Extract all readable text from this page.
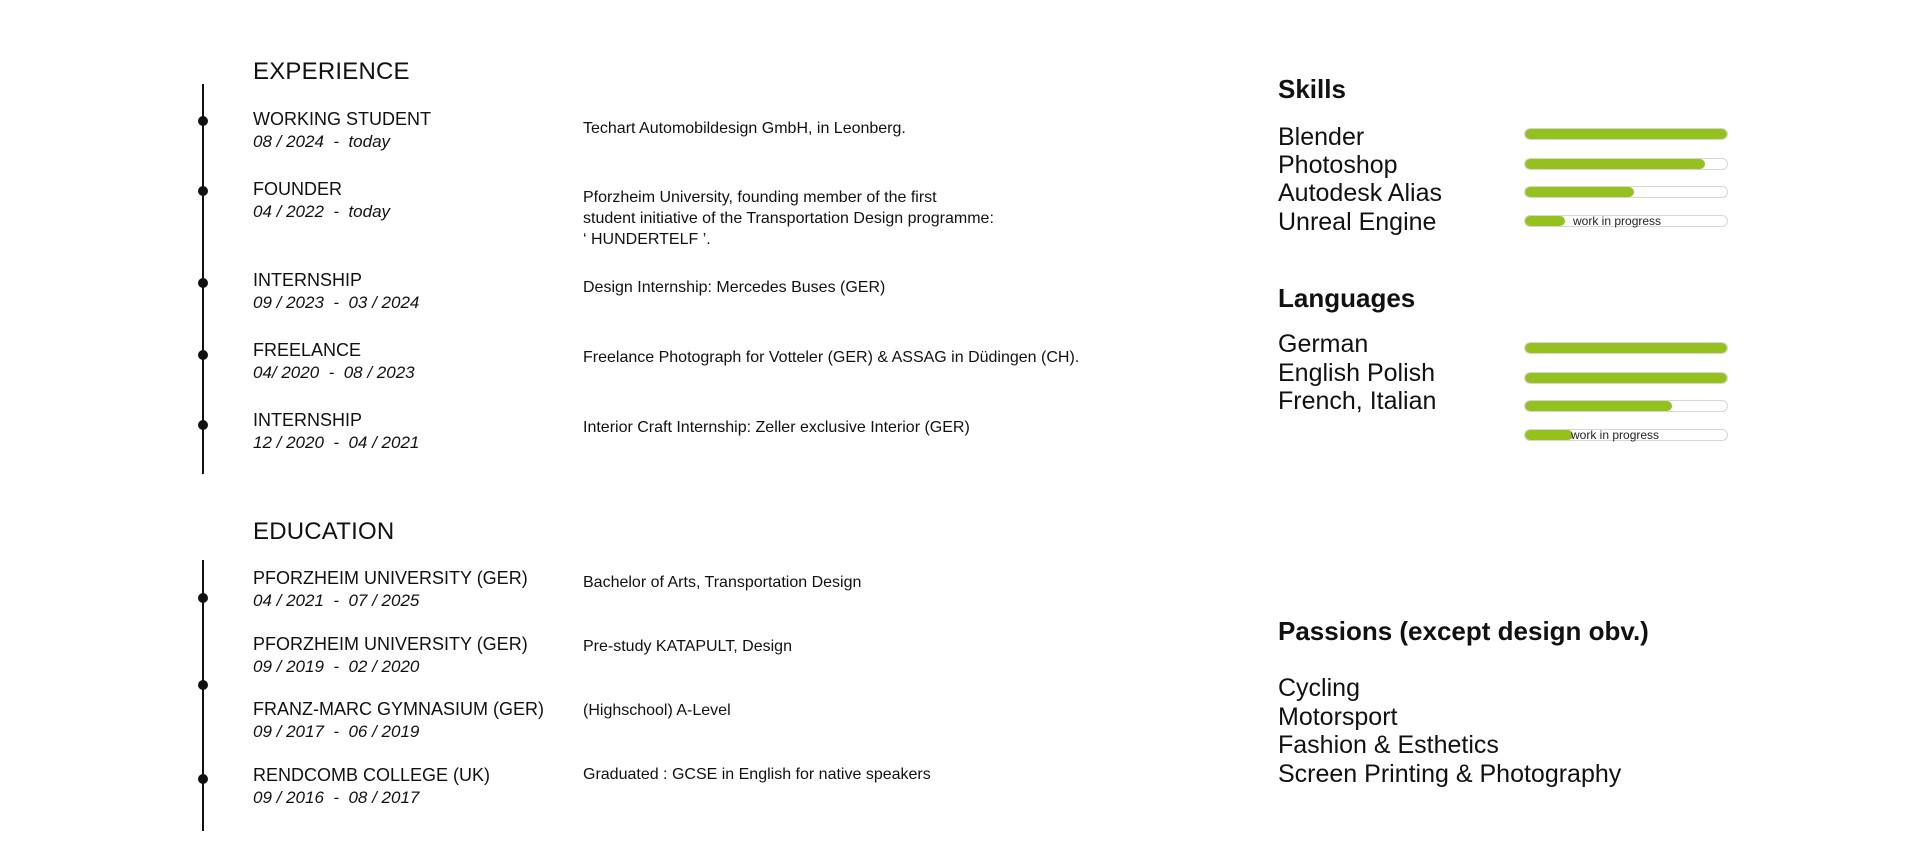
EXPERIENCE
WORKING STUDENT
08 / 2024  -  today
Techart Automobildesign GmbH, in Leonberg.
FOUNDER
04 / 2022  -  today
Pforzheim University, founding member of the first
student initiative of the Transportation Design programme:
‘ HUNDERTELF ’.
INTERNSHIP
09 / 2023  -  03 / 2024
Design Internship: Mercedes Buses (GER)
FREELANCE
04/ 2020  -  08 / 2023
Freelance Photograph for Votteler (GER) & ASSAG in Düdingen (CH).
INTERNSHIP
12 / 2020  -  04 / 2021
Interior Craft Internship: Zeller exclusive Interior (GER)
EDUCATION
PFORZHEIM UNIVERSITY (GER)
04 / 2021  -  07 / 2025
Bachelor of Arts, Transportation Design
PFORZHEIM UNIVERSITY (GER)
09 / 2019  -  02 / 2020
Pre-study KATAPULT, Design
FRANZ-MARC GYMNASIUM (GER)
09 / 2017  -  06 / 2019
(Highschool) A-Level
RENDCOMB COLLEGE (UK)
09 / 2016  -  08 / 2017
Graduated : GCSE in English for native speakers
Skills
Blender
Photoshop
Autodesk Alias
Unreal Engine	work in progress
Languages
German
English Polish
French, Italian
work in progress
Passions (except design obv.)
Cycling
Motorsport
Fashion & Esthetics
Screen Printing & Photography
